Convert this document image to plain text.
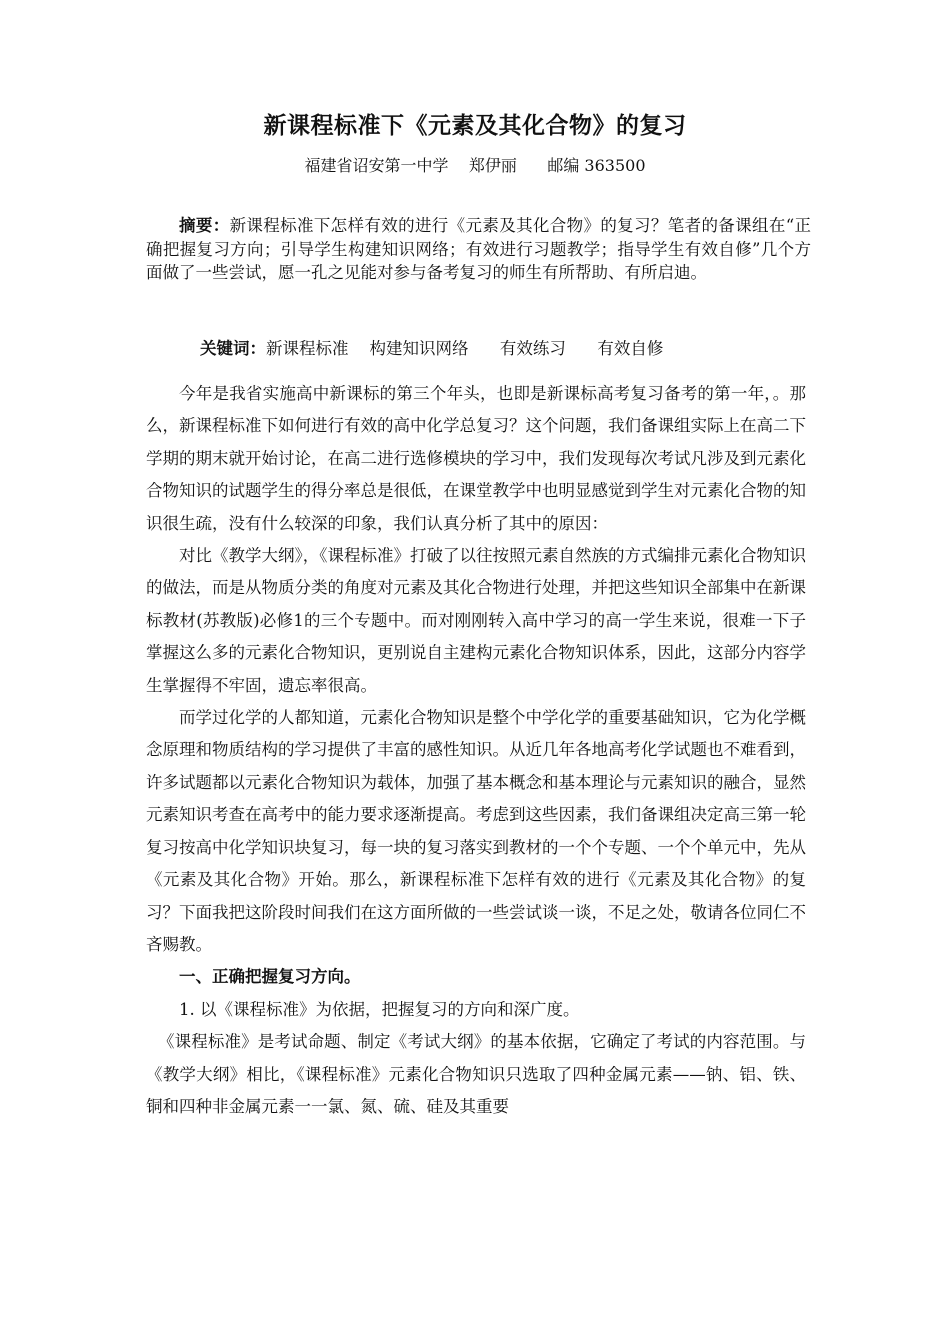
新课程标准下《元素及其化合物》的复习
福建省诏安第一中学    郑伊丽      邮编 363500
摘要：新课程标准下怎样有效的进行《元素及其化合物》的复习？笔者的备课组在“正确把握复习方向；引导学生构建知识网络；有效进行习题教学；指导学生有效自修”几个方面做了一些尝试，愿一孔之见能对参与备考复习的师生有所帮助、有所启迪。

关键词：新课程标准    构建知识网络      有效练习      有效自修

今年是我省实施高中新课标的第三个年头，也即是新课标高考复习备考的第一年，。那么，新课程标准下如何进行有效的高中化学总复习？这个问题，我们备课组实际上在高二下学期的期末就开始讨论，在高二进行选修模块的学习中，我们发现每次考试凡涉及到元素化合物知识的试题学生的得分率总是很低，在课堂教学中也明显感觉到学生对元素化合物的知识很生疏，没有什么较深的印象，我们认真分析了其中的原因：

对比《教学大纲》，《课程标准》打破了以往按照元素自然族的方式编排元素化合物知识的做法，而是从物质分类的角度对元素及其化合物进行处理，并把这些知识全部集中在新课标教材(苏教版)必修1的三个专题中。而对刚刚转入高中学习的高一学生来说，很难一下子掌握这么多的元素化合物知识，更别说自主建构元素化合物知识体系，因此，这部分内容学生掌握得不牢固，遗忘率很高。

而学过化学的人都知道，元素化合物知识是整个中学化学的重要基础知识，它为化学概念原理和物质结构的学习提供了丰富的感性知识。从近几年各地高考化学试题也不难看到，许多试题都以元素化合物知识为载体，加强了基本概念和基本理论与元素知识的融合，显然元素知识考查在高考中的能力要求逐渐提高。考虑到这些因素，我们备课组决定高三第一轮复习按高中化学知识块复习，每一块的复习落实到教材的一个个专题、一个个单元中，先从《元素及其化合物》开始。那么，新课程标准下怎样有效的进行《元素及其化合物》的复习？下面我把这阶段时间我们在这方面所做的一些尝试谈一谈，不足之处，敬请各位同仁不吝赐教。

一、正确把握复习方向。

1. 以《课程标准》为依据，把握复习的方向和深广度。

《课程标准》是考试命题、制定《考试大纲》的基本依据，它确定了考试的内容范围。与《教学大纲》相比，《课程标准》元素化合物知识只选取了四种金属元素——钠、铝、铁、铜和四种非金属元素一一氯、氮、硫、硅及其重要
